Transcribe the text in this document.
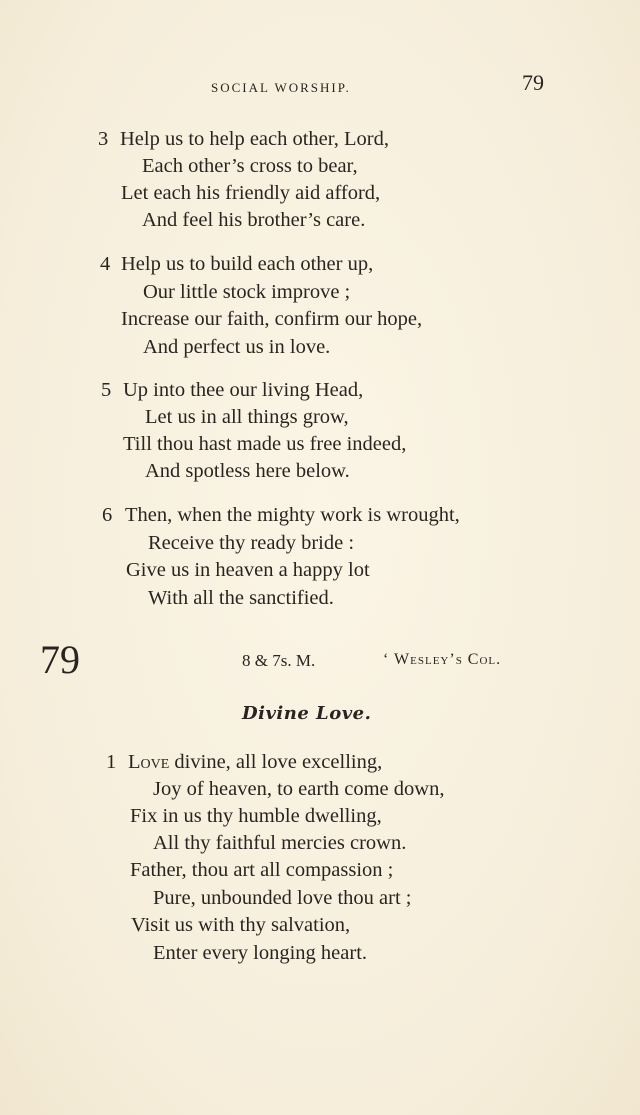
SOCIAL WORSHIP.	79
3 Help us to help each other, Lord,
Each other’s cross to bear,
Let each his friendly aid afford,
And feel his brother’s care.
4 Help us to build each other up,
Our little stock improve ;
Increase our faith, confirm our hope,
And perfect us in love.
5 Up into thee our living Head,
Let us in all things grow,
Till thou hast made us free indeed,
And spotless here below.
6 Then, when the mighty work is wrought,
Receive thy ready bride :
Give us in heaven a happy lot
With all the sanctified.
79	8 & 7s. M.	‘ Wesley’s Col.
Divine Love.
1 Love divine, all love excelling,
Joy of heaven, to earth come down,
Fix in us thy humble dwelling,
All thy faithful mercies crown.
Father, thou art all compassion ;
Pure, unbounded love thou art ;
Visit us with thy salvation,
Enter every longing heart.
